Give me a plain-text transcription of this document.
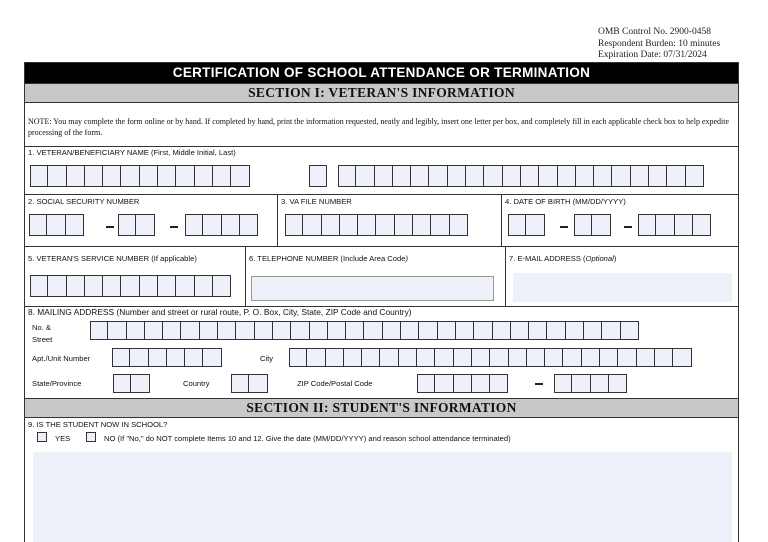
OMB Control No. 2900-0458
Respondent Burden: 10 minutes
Expiration Date: 07/31/2024
CERTIFICATION OF SCHOOL ATTENDANCE OR TERMINATION
SECTION I: VETERAN'S INFORMATION
NOTE: You may complete the form online or by hand. If completed by hand, print the information requested, neatly and legibly, insert one letter per box, and completely fill in each applicable check box to help expedite processing of the form.
1. VETERAN/BENEFICIARY NAME (First, Middle Initial, Last)
2. SOCIAL SECURITY NUMBER	3. VA FILE NUMBER	4. DATE OF BIRTH (MM/DD/YYYY)
5. VETERAN'S SERVICE NUMBER (If applicable)	6. TELEPHONE NUMBER (Include Area Code)	7. E-MAIL ADDRESS (Optional)
8. MAILING ADDRESS (Number and street or rural route, P. O. Box, City, State, ZIP Code and Country)
No. &
Street
Apt./Unit Number	City
State/Province	Country	ZIP Code/Postal Code
SECTION II: STUDENT'S INFORMATION
9. IS THE STUDENT NOW IN SCHOOL?
YES	NO (If "No," do NOT complete Items 10 and 12. Give the date (MM/DD/YYYY) and reason school attendance terminated)
